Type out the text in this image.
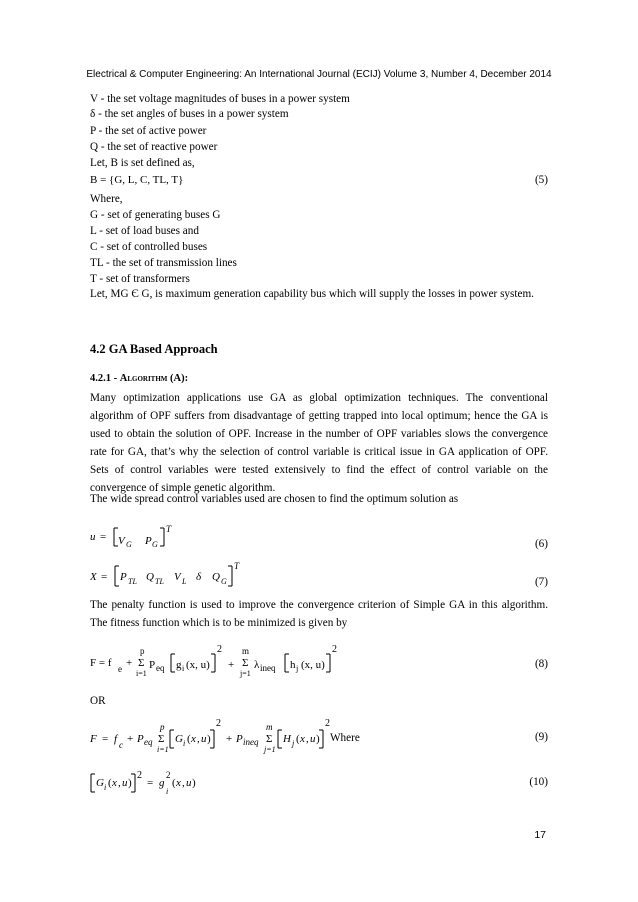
Electrical & Computer Engineering: An International Journal (ECIJ) Volume 3, Number 4, December 2014
V - the set voltage magnitudes of buses in a power system
δ - the set angles of buses in a power system
P - the set of active power
Q - the set of reactive power
Let, B is set defined as,
B = {G, L, C, TL, T}	(5)
Where,
G - set of generating buses G
L - set of load buses and
C - set of controlled buses
TL - the set of transmission lines
T - set of transformers
Let, MG Є G, is maximum generation capability bus which will supply the losses in power system.
4.2 GA Based Approach
4.2.1 - Algorithm (A):
Many optimization applications use GA as global optimization techniques. The conventional algorithm of OPF suffers from disadvantage of getting trapped into local optimum; hence the GA is used to obtain the solution of OPF. Increase in the number of OPF variables slows the convergence rate for GA, that’s why the selection of control variable is critical issue in GA application of OPF. Sets of control variables were tested extensively to find the effect of control variable on the convergence of simple genetic algorithm.
The wide spread control variables used are chosen to find the optimum solution as
u = V G P G
T
(6)
X = P TL Q TL V L δ Q G
T
(7)
The penalty function is used to improve the convergence criterion of Simple GA in this algorithm. The fitness function which is to be minimized is given by
F = f e +
p
Σ
i=1
P eq g i (x, u)
2
+
m
Σ
j=1
λ ineq h j (x, u)
2
(8)
OR
F = f c + P eq
p
Σ
i=1
G i ( x , u )
2
+ P ineq
m
Σ
j=1
H j ( x , u )
2
Where	(9)
G i ( x , u )
2
= g
2
i
( x , u )	(10)
17
